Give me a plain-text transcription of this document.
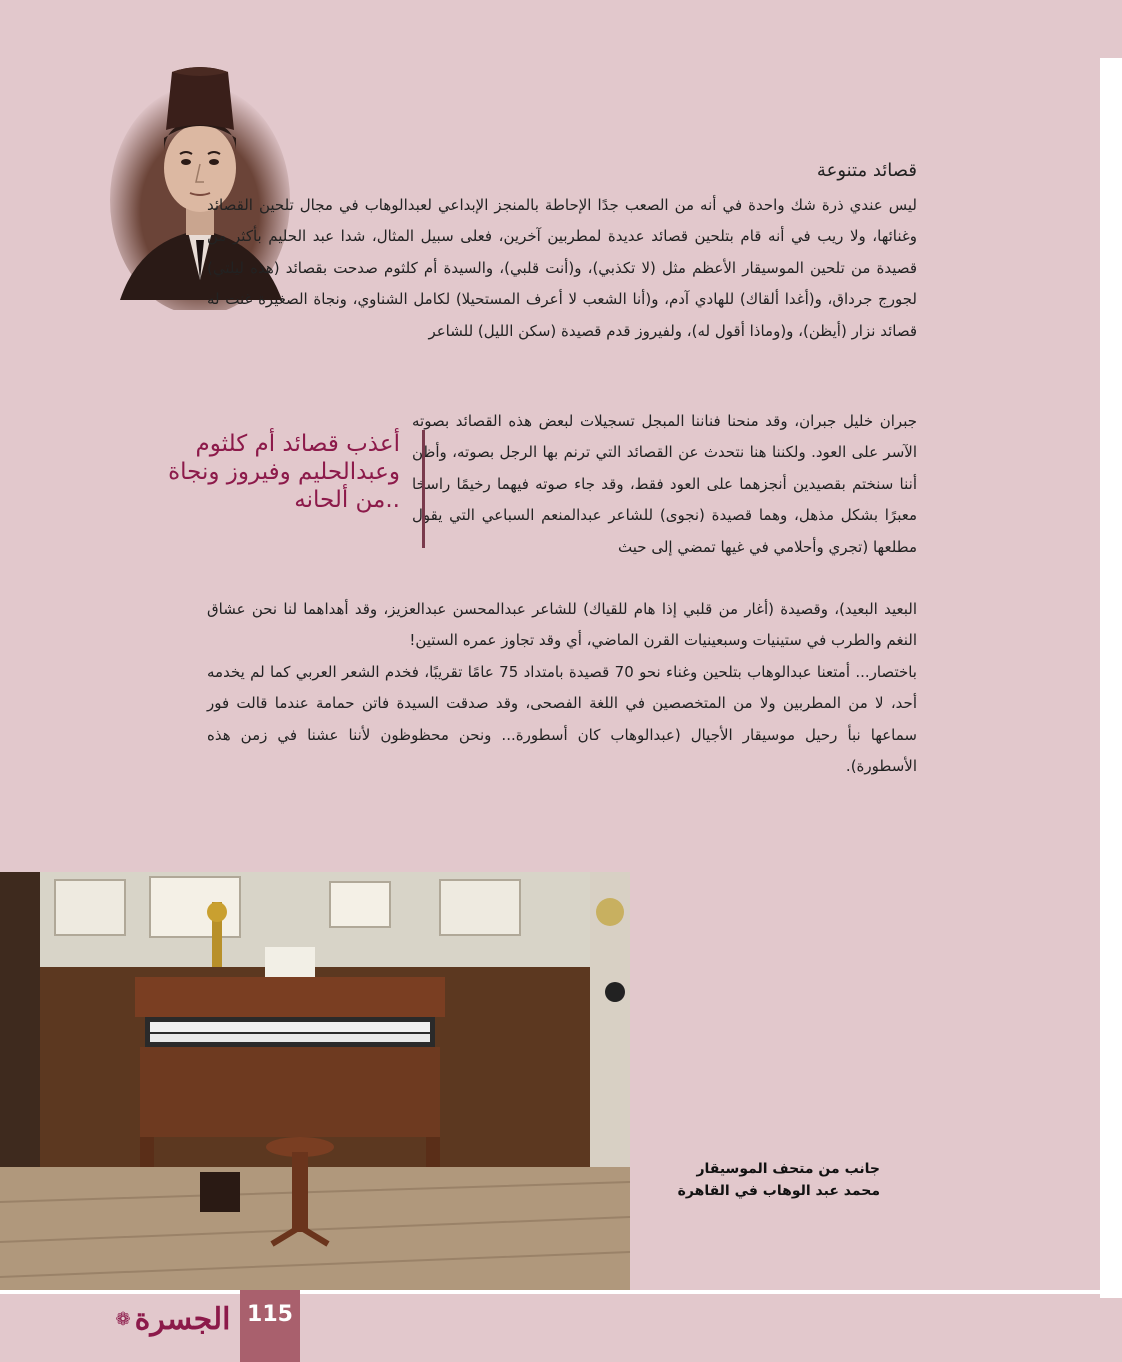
قصائد متنوعة

ليس عندي ذرة شك واحدة في أنه من الصعب جدًا الإحاطة بالمنجز الإبداعي لعبدالوهاب في مجال تلحين القصائد وغنائها، ولا ريب في أنه قام بتلحين قصائد عديدة لمطربين آخرين، فعلى سبيل المثال، شدا عبد الحليم بأكثر من قصيدة من تلحين الموسيقار الأعظم مثل (لا تكذبي)، و(أنت قلبي)، والسيدة أم كلثوم صدحت بقصائد (هذه ليلتي) لجورج جرداق، و(أغدا ألقاك) للهادي آدم، و(أنا الشعب لا أعرف المستحيلا) لكامل الشناوي، ونجاة الصغيرة غنت له قصائد نزار (أيظن)، و(وماذا أقول له)، ولفيروز قدم قصيدة (سكن الليل) للشاعر

جبران خليل جبران، وقد منحنا فناننا المبجل تسجيلات لبعض هذه القصائد بصوته الآسر على العود. ولكننا هنا نتحدث عن القصائد التي ترنم بها الرجل بصوته، وأظن أننا سنختم بقصيدين أنجزهما على العود فقط، وقد جاء صوته فيهما رخيمًا راسخا معبرًا بشكل مذهل، وهما قصيدة (نجوى) للشاعر عبدالمنعم السباعي التي يقول مطلعها (تجري وأحلامي في غيها تمضي إلى حيث

البعيد البعيد)، وقصيدة (أغار من قلبي إذا هام للقياك) للشاعر عبدالمحسن عبدالعزيز، وقد أهداهما لنا نحن عشاق النغم والطرب في ستينيات وسبعينيات القرن الماضي، أي وقد تجاوز عمره الستين!

باختصار... أمتعنا عبدالوهاب بتلحين وغناء نحو 70 قصيدة بامتداد 75 عامًا تقريبًا، فخدم الشعر العربي كما لم يخدمه أحد، لا من المطربين ولا من المتخصصين في اللغة الفصحى، وقد صدقت السيدة فاتن حمامة عندما قالت فور سماعها نبأ رحيل موسيقار الأجيال (عبدالوهاب كان أسطورة... ونحن محظوظون لأننا عشنا في زمن هذه الأسطورة).

أعذب قصائد أم كلثوم وعبدالحليم وفيروز ونجاة ..من ألحانه

جانب من متحف الموسيقار

محمد عبد الوهاب في القاهرة

الجسرة
❁	115
